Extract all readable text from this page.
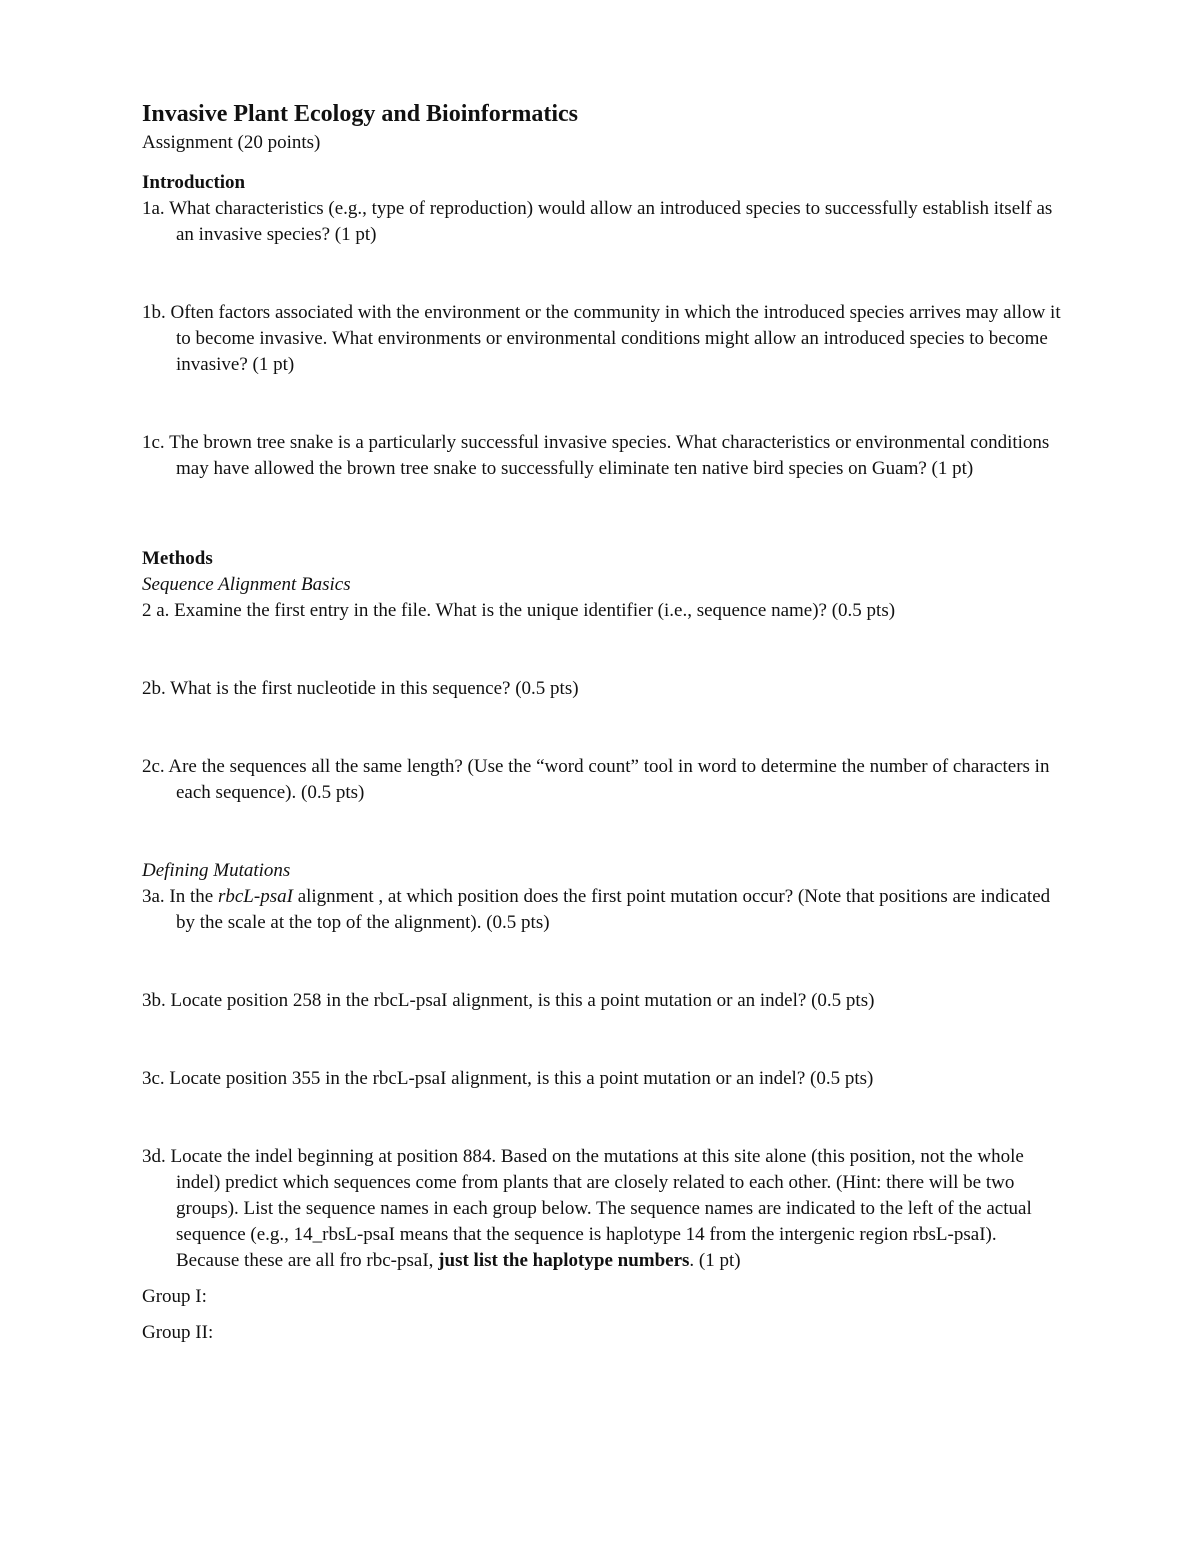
Invasive Plant Ecology and Bioinformatics

Assignment (20 points)

Introduction

1a. What characteristics (e.g., type of reproduction) would allow an introduced species to successfully establish itself as an invasive species? (1 pt)

1b. Often factors associated with the environment or the community in which the introduced species arrives may allow it to become invasive. What environments or environmental conditions might allow an introduced species to become invasive? (1 pt)

1c. The brown tree snake is a particularly successful invasive species. What characteristics or environmental conditions may have allowed the brown tree snake to successfully eliminate ten native bird species on Guam? (1 pt)

Methods

Sequence Alignment Basics

2 a. Examine the first entry in the file. What is the unique identifier (i.e., sequence name)? (0.5 pts)

2b. What is the first nucleotide in this sequence? (0.5 pts)

2c. Are the sequences all the same length? (Use the “word count” tool in word to determine the number of characters in each sequence). (0.5 pts)

Defining Mutations

3a. In the rbcL-psaI alignment , at which position does the first point mutation occur? (Note that positions are indicated by the scale at the top of the alignment). (0.5 pts)

3b. Locate position 258 in the rbcL-psaI alignment, is this a point mutation or an indel? (0.5 pts)

3c. Locate position 355 in the rbcL-psaI alignment, is this a point mutation or an indel? (0.5 pts)

3d. Locate the indel beginning at position 884. Based on the mutations at this site alone (this position, not the whole indel) predict which sequences come from plants that are closely related to each other. (Hint: there will be two groups). List the sequence names in each group below. The sequence names are indicated to the left of the actual sequence (e.g., 14_rbsL-psaI means that the sequence is haplotype 14 from the intergenic region rbsL-psaI). Because these are all fro rbc-psaI, just list the haplotype numbers. (1 pt)

Group I:

Group II:
